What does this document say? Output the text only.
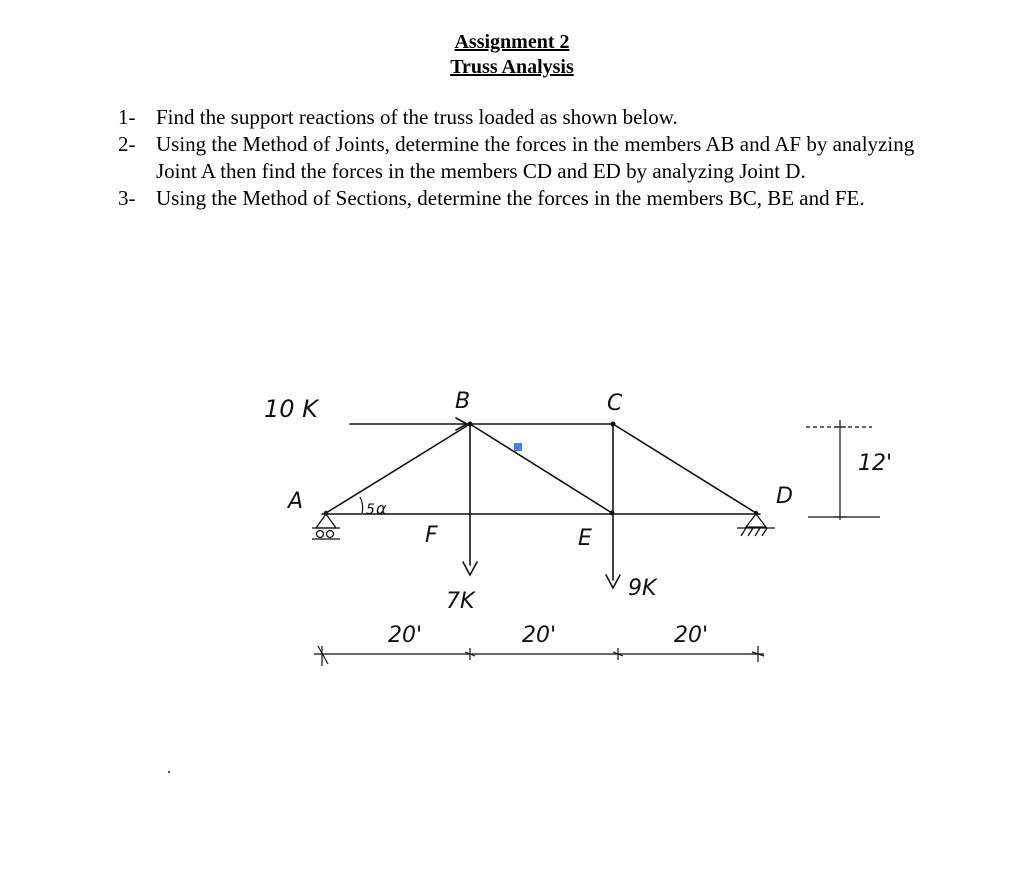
Assignment 2
Truss Analysis
1- Find the support reactions of the truss loaded as shown below.
2- Using the Method of Joints, determine the forces in the members AB and AF by analyzing Joint A then find the forces in the members CD and ED by analyzing Joint D.
3- Using the Method of Sections, determine the forces in the members BC, BE and FE.
10 K	B	C
A	D
F	E
5 α
7K
9K
12'
20'	20'	20'
